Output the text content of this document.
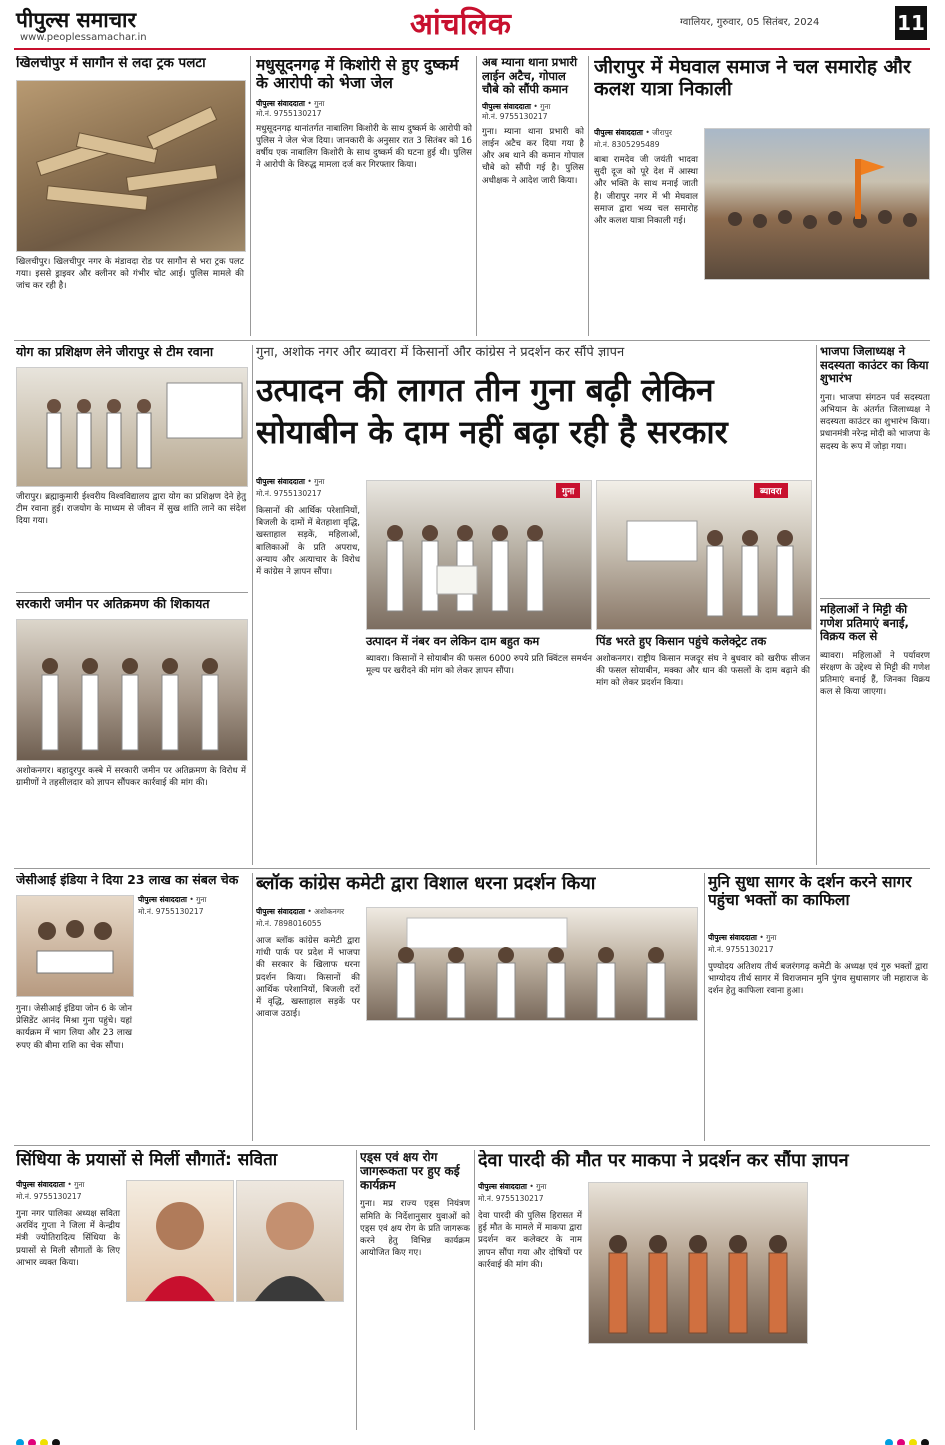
पीपुल्स समाचार
www.peoplessamachar.in	आंचलिक	ग्वालियर, गुरुवार, 05 सितंबर, 2024	11
खिलचीपुर में सागौन से लदा ट्रक पलटा
खिलचीपुर। खिलचीपुर नगर के मंडावदा रोड पर सागौन से भरा ट्रक पलट गया। इससे ड्राइवर और क्लीनर को गंभीर चोट आई। पुलिस मामले की जांच कर रही है।
मधुसूदनगढ़ में किशोरी से हुए दुष्कर्म के आरोपी को भेजा जेल
पीपुल्स संवाददाता • गुना
मो.नं. 9755130217
मधुसूदनगढ़ थानांतर्गत नाबालिग किशोरी के साथ दुष्कर्म के आरोपी को पुलिस ने जेल भेज दिया। जानकारी के अनुसार रात 3 सितंबर को 16 वर्षीय एक नाबालिग किशोरी के साथ दुष्कर्म की घटना हुई थी। पुलिस ने आरोपी के विरुद्ध मामला दर्ज कर गिरफ्तार किया।
अब म्याना थाना प्रभारी लाईन अटैच, गोपाल चौबे को सौंपी कमान
पीपुल्स संवाददाता • गुना
मो.नं. 9755130217
गुना। म्याना थाना प्रभारी को लाईन अटैच कर दिया गया है और अब थाने की कमान गोपाल चौबे को सौंपी गई है। पुलिस अधीक्षक ने आदेश जारी किया।
जीरापुर में मेघवाल समाज ने चल समारोह और कलश यात्रा निकाली
पीपुल्स संवाददाता • जीरापुर
मो.नं. 8305295489
बाबा रामदेव जी जयंती भादवा सुदी दूज को पूरे देश में आस्था और भक्ति के साथ मनाई जाती है। जीरापुर नगर में भी मेघवाल समाज द्वारा भव्य चल समारोह और कलश यात्रा निकाली गई।
योग का प्रशिक्षण लेने जीरापुर से टीम रवाना
जीरापुर। ब्रह्माकुमारी ईश्वरीय विश्वविद्यालय द्वारा योग का प्रशिक्षण देने हेतु टीम रवाना हुई। राजयोग के माध्यम से जीवन में सुख शांति लाने का संदेश दिया गया।
गुना, अशोक नगर और ब्यावरा में किसानों और कांग्रेस ने प्रदर्शन कर सौंपे ज्ञापन
उत्पादन की लागत तीन गुना बढ़ी लेकिन
सोयाबीन के दाम नहीं बढ़ा रही है सरकार
पीपुल्स संवाददाता • गुना
मो.नं. 9755130217
किसानों की आर्थिक परेशानियों, बिजली के दामों में बेतहाशा वृद्धि, खस्ताहाल सड़कें, महिलाओं, बालिकाओं के प्रति अपराध, अन्याय और अत्याचार के विरोध में कांग्रेस ने ज्ञापन सौंपा।
गुना	ब्यावरा
उत्पादन में नंबर वन लेकिन दाम बहुत कम
ब्यावरा। किसानों ने सोयाबीन की फसल 6000 रुपये प्रति क्विंटल समर्थन मूल्य पर खरीदने की मांग को लेकर ज्ञापन सौंपा।
पिंड भरते हुए किसान पहुंचे कलेक्ट्रेट तक
अशोकनगर। राष्ट्रीय किसान मजदूर संघ ने बुधवार को खरीफ सीजन की फसल सोयाबीन, मक्का और धान की फसलों के दाम बढ़ाने की मांग को लेकर प्रदर्शन किया।
भाजपा जिलाध्यक्ष ने सदस्यता काउंटर का किया शुभारंभ
गुना। भाजपा संगठन पर्व सदस्यता अभियान के अंतर्गत जिलाध्यक्ष ने सदस्यता काउंटर का शुभारंभ किया। प्रधानमंत्री नरेन्द्र मोदी को भाजपा के सदस्य के रूप में जोड़ा गया।
महिलाओं ने मिट्टी की गणेश प्रतिमाएं बनाई, विक्रय कल से
ब्यावरा। महिलाओं ने पर्यावरण संरक्षण के उद्देश्य से मिट्टी की गणेश प्रतिमाएं बनाई हैं, जिनका विक्रय कल से किया जाएगा।
सरकारी जमीन पर अतिक्रमण की शिकायत
अशोकनगर। बहादुरपुर कस्बे में सरकारी जमीन पर अतिक्रमण के विरोध में ग्रामीणों ने तहसीलदार को ज्ञापन सौंपकर कार्रवाई की मांग की।
जेसीआई इंडिया ने दिया 23 लाख का संबल चेक
गुना। जेसीआई इंडिया जोन 6 के जोन प्रेसिडेंट आनंद मिश्रा गुना पहुंचे। यहां कार्यक्रम में भाग लिया और 23 लाख रुपए की बीमा राशि का चेक सौंपा।
पीपुल्स संवाददाता • गुना
मो.नं. 9755130217
ब्लॉक कांग्रेस कमेटी द्वारा विशाल धरना प्रदर्शन किया
पीपुल्स संवाददाता • अशोकनगर
मो.नं. 7898016055
आज ब्लॉक कांग्रेस कमेटी द्वारा गांधी पार्क पर प्रदेश में भाजपा की सरकार के खिलाफ धरना प्रदर्शन किया। किसानों की आर्थिक परेशानियों, बिजली दरों में वृद्धि, खस्ताहाल सड़कें पर आवाज उठाई।
मुनि सुधा सागर के दर्शन करने सागर पहुंचा भक्तों का काफिला
पीपुल्स संवाददाता • गुना
मो.नं. 9755130217
पुण्योदय अतिशय तीर्थ बजरंगगढ़ कमेटी के अध्यक्ष एवं गुरु भक्तों द्वारा भाग्योदय तीर्थ सागर में विराजमान मुनि पुंगव सुधासागर जी महाराज के दर्शन हेतु काफिला रवाना हुआ।
सिंधिया के प्रयासों से मिलीं सौगातें: सविता
पीपुल्स संवाददाता • गुना
मो.नं. 9755130217
गुना नगर पालिका अध्यक्ष सविता अरविंद गुप्ता ने जिला में केन्द्रीय मंत्री ज्योतिरादित्य सिंधिया के प्रयासों से मिली सौगातों के लिए आभार व्यक्त किया।
एड्स एवं क्षय रोग जागरूकता पर हुए कई कार्यक्रम
गुना। मप्र राज्य एड्स नियंत्रण समिति के निर्देशानुसार युवाओं को एड्स एवं क्षय रोग के प्रति जागरूक करने हेतु विभिन्न कार्यक्रम आयोजित किए गए।
देवा पारदी की मौत पर माकपा ने प्रदर्शन कर सौंपा ज्ञापन
पीपुल्स संवाददाता • गुना
मो.नं. 9755130217
देवा पारदी की पुलिस हिरासत में हुई मौत के मामले में माकपा द्वारा प्रदर्शन कर कलेक्टर के नाम ज्ञापन सौंपा गया और दोषियों पर कार्रवाई की मांग की।
